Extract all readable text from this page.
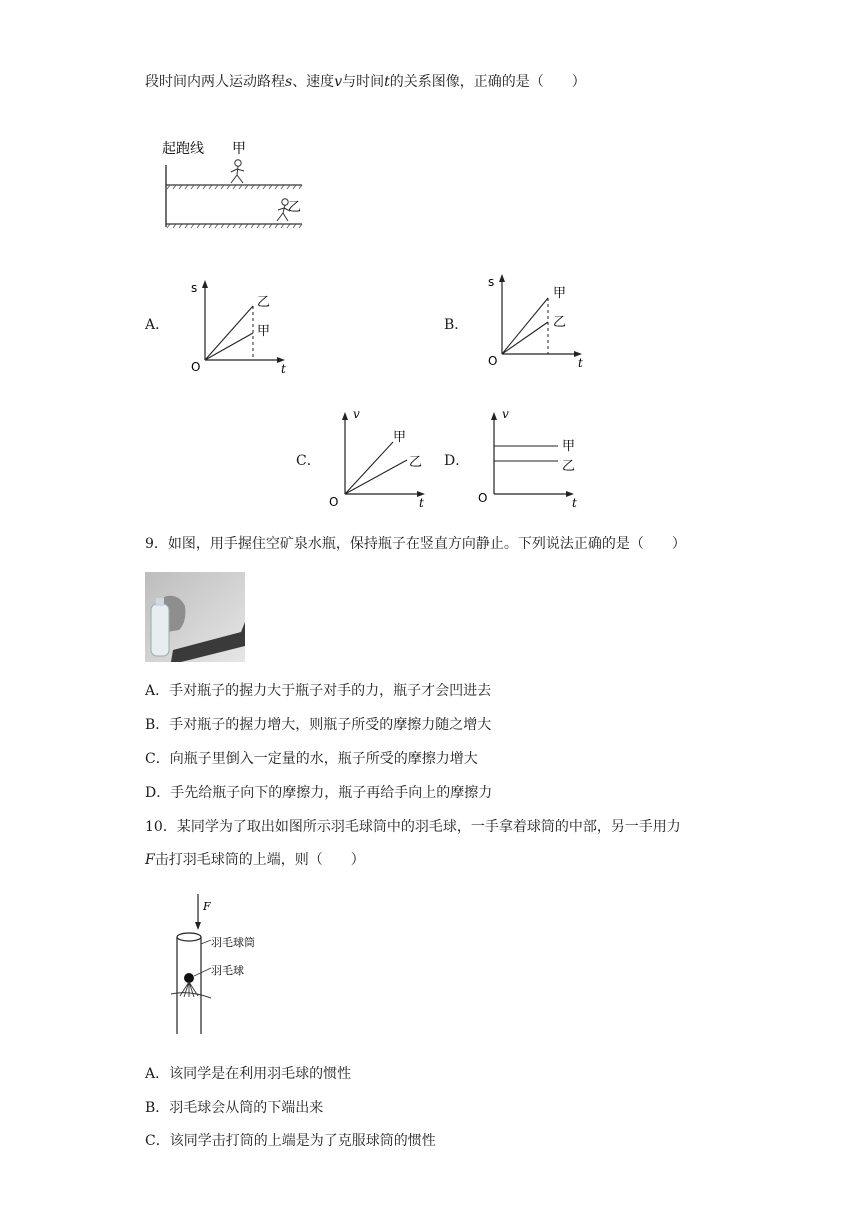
段时间内两人运动路程s、速度v与时间t的关系图像，正确的是（　　）
起跑线 甲
乙
A．
s
t
O
乙
甲	B．
s
t
O
甲
乙
C．
v
t
O
甲
乙 D．
v
t
O
甲
乙
9．如图，用手握住空矿泉水瓶，保持瓶子在竖直方向静止。下列说法正确的是（　　）
A．手对瓶子的握力大于瓶子对手的力，瓶子才会凹进去
B．手对瓶子的握力增大，则瓶子所受的摩擦力随之增大
C．向瓶子里倒入一定量的水，瓶子所受的摩擦力增大
D．手先给瓶子向下的摩擦力，瓶子再给手向上的摩擦力
10．某同学为了取出如图所示羽毛球筒中的羽毛球，一手拿着球筒的中部，另一手用力
F击打羽毛球筒的上端，则（　　）
F
羽毛球筒
羽毛球
A．该同学是在利用羽毛球的惯性
B．羽毛球会从筒的下端出来
C．该同学击打筒的上端是为了克服球筒的惯性
